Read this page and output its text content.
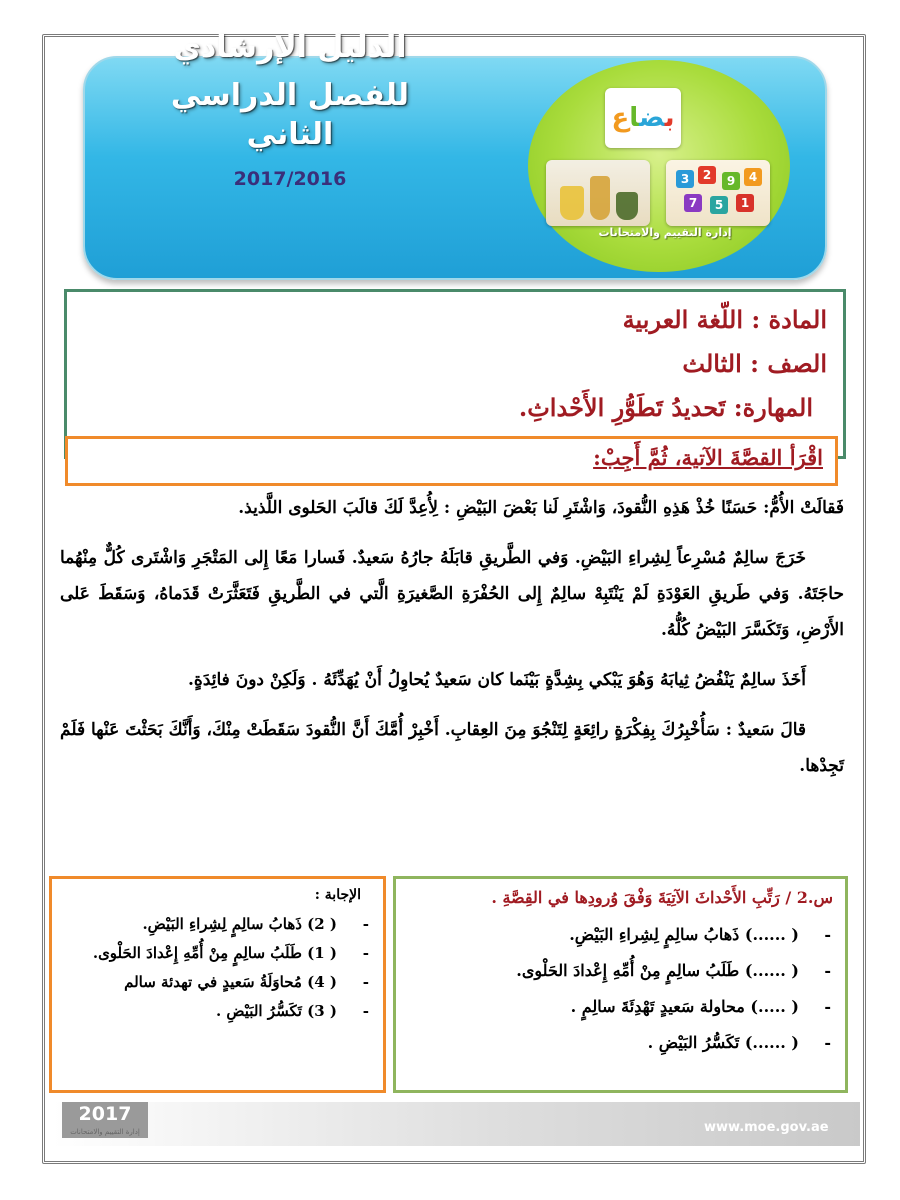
الدليل الإرشادي
للفصل الدراسي الثاني
2017/2016
بضاع
3	2	9	4
7	5	1
إدارة التقييم والامتحانات
المادة : اللّغة العربية
الصف : الثالث
المهارة: تَحديدُ تَطَوُّرِ الأَحْداثِ.
اقْرَأ القصَّةَ الآتية، ثُمَّ أَجِبْ:

فَقالَتْ الأُمُّ: حَسَنًا خُذْ هَذِهِ النُّقودَ، وَاشْتَرِ لَنا بَعْضَ البَيْضِ : لِأُعِدَّ لَكَ قالَبَ الحَلوى اللَّذيذ.

خَرَجَ سالِمٌ مُسْرِعاً لِشِراءِ البَيْضِ. وَفي الطَّريقِ قابَلَهُ جارُهُ سَعيدٌ. فَسارا مَعًا إِلى المَتْجَرِ وَاشْتَرى كُلٌّ مِنْهُما حاجَتَهُ. وَفي طَريقِ العَوْدَةِ لَمْ يَنْتَبِهْ سالِمٌ إِلى الحُفْرَةِ الصَّغيرَةِ الَّتي في الطَّريقِ فَتَعَثَّرَتْ قَدَماهُ، وَسَقَطَ عَلى الأَرْضِ، وَتَكَسَّرَ البَيْضُ كُلُّهُ.

أَخَذَ سالِمٌ يَنْفُضُ ثِيابَهُ وَهُوَ يَبْكي بِشِدَّةٍ بَيْنَما كان سَعيدٌ يُحاوِلُ أَنْ يُهَدِّئَهُ . وَلَكِنْ دونَ فائِدَةٍ.

قالَ سَعيدٌ : سَأُخْبِرُكَ بِفِكْرَةٍ رائِعَةٍ لِتَنْجُوَ مِنَ العِقابِ. أَخْبِرْ أُمَّكَ أَنَّ النُّقودَ سَقَطَتْ مِنْكَ، وَأَنَّكَ بَحَثْتَ عَنْها فَلَمْ تَجِدْها.

الإجابة :
-
( 2) ذَهابُ سالِمٍ لِشِراءِ البَيْضِ.
-
( 1) طَلَبُ سالِمٍ مِنْ أُمِّهِ إِعْدادَ الحَلْوى.
-
( 4) مُحاوَلَةُ سَعيدٍ في تهدئة سالم
-
( 3) تَكَسُّرُ البَيْضِ .
س.2 / رَتِّبِ الأَحْداثَ الآتِيَةَ وَفْقَ وُرودِها في القِصَّةِ .
-
( ......) ذَهابُ سالِمٍ لِشِراءِ البَيْضِ.
-
( ......) طَلَبُ سالِمٍ مِنْ أُمِّهِ إِعْدادَ الحَلْوى.
-
( .....) محاولة سَعيدٍ تَهْدِئَةَ سالِمٍ .
-
( ......) تَكَسُّرُ البَيْضِ .
2017
إدارة التقييم والامتحانات	www.moe.gov.ae
